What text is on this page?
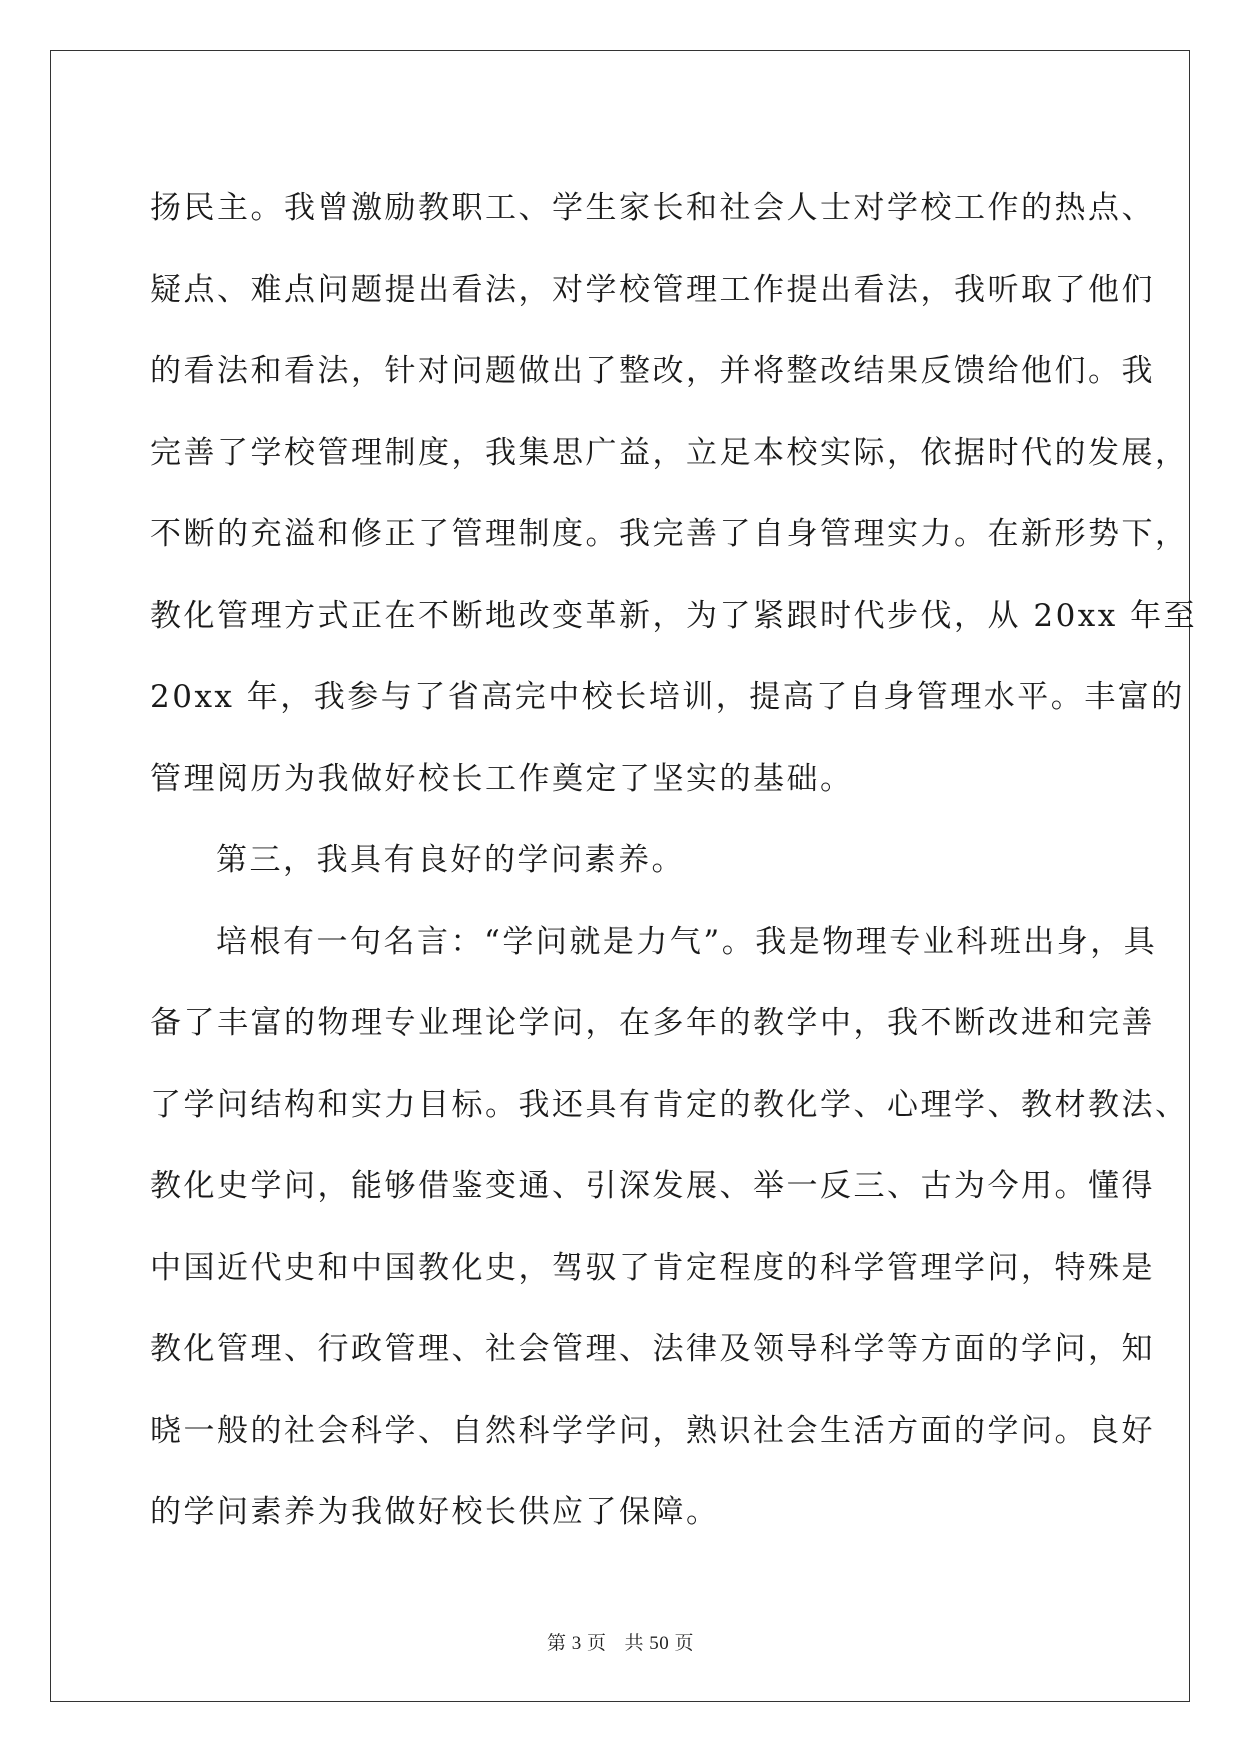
扬民主。我曾激励教职工、学生家长和社会人士对学校工作的热点、
疑点、难点问题提出看法，对学校管理工作提出看法，我听取了他们
的看法和看法，针对问题做出了整改，并将整改结果反馈给他们。我
完善了学校管理制度，我集思广益，立足本校实际，依据时代的发展，
不断的充溢和修正了管理制度。我完善了自身管理实力。在新形势下，
教化管理方式正在不断地改变革新，为了紧跟时代步伐，从 20xx 年至
20xx 年，我参与了省高完中校长培训，提高了自身管理水平。丰富的
管理阅历为我做好校长工作奠定了坚实的基础。

第三，我具有良好的学问素养。

培根有一句名言：“学问就是力气”。我是物理专业科班出身，具
备了丰富的物理专业理论学问，在多年的教学中，我不断改进和完善
了学问结构和实力目标。我还具有肯定的教化学、心理学、教材教法、
教化史学问，能够借鉴变通、引深发展、举一反三、古为今用。懂得
中国近代史和中国教化史，驾驭了肯定程度的科学管理学问，特殊是
教化管理、行政管理、社会管理、法律及领导科学等方面的学问，知
晓一般的社会科学、自然科学学问，熟识社会生活方面的学问。良好
的学问素养为我做好校长供应了保障。

第 3 页 共 50 页
